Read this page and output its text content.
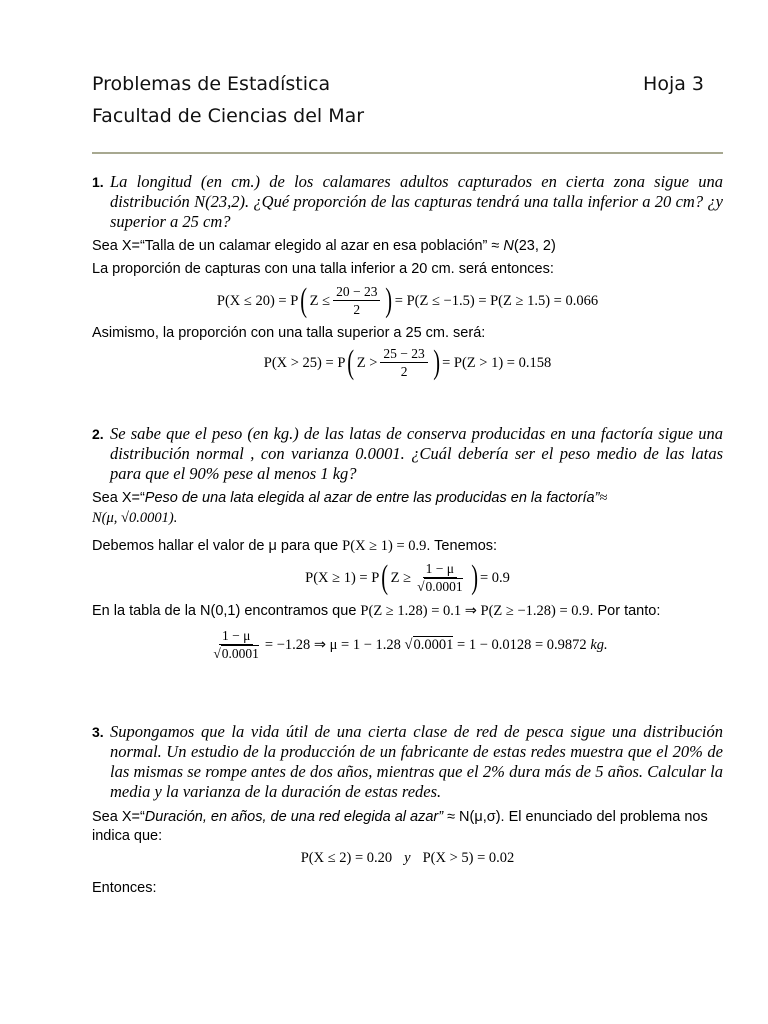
Problemas de Estadística	Hoja 3
Facultad de Ciencias del Mar
1. La longitud (en cm.) de los calamares adultos capturados en cierta zona sigue una distribución N(23,2). ¿Qué proporción de las capturas tendrá una talla inferior a 20 cm? ¿y superior a 25 cm?
Sea X=“Talla de un calamar elegido al azar en esa población” ≈ N(23, 2)
La proporción de capturas con una talla inferior a 20 cm. será entonces:
P(X ≤ 20) = P ( $Z \le \frac{20 - 23}{2}$ ) = P(Z ≤ −1.5) = P(Z ≥ 1.5) = 0.066
Asimismo, la proporción con una talla superior a 25 cm. será:
P(X > 25) = P ( $Z > \frac{25 - 23}{2}$ ) = P(Z > 1) = 0.158
2. Se sabe que el peso (en kg.) de las latas de conserva producidas en una factoría sigue una distribución normal , con varianza 0.0001. ¿Cuál debería ser el peso medio de las latas para que el 90% pese al menos 1 kg?
Sea X=“Peso de una lata elegida al azar de entre las producidas en la factoría”≈
N(μ, √0.0001).
Debemos hallar el valor de μ para que P(X ≥ 1) = 0.9. Tenemos:
P(X ≥ 1) = P ( $Z \ge \frac{1 - \mu}{√0.0001}$ ) = 0.9
En la tabla de la N(0,1) encontramos que P(Z ≥ 1.28) = 0.1 ⇒ P(Z ≥ −1.28) = 0.9. Por tanto:
$\frac{1 - \mu}{√0.0001} = -1.28$ ⇒ μ = 1 − 1.28 √ 0.0001
= 1 − 0.0128 = 0.9872
kg.
3. Supongamos que la vida útil de una cierta clase de red de pesca sigue una distribución normal. Un estudio de la producción de un fabricante de estas redes muestra que el 20% de las mismas se rompe antes de dos años, mientras que el 2% dura más de 5 años. Calcular la media y la varianza de la duración de estas redes.
Sea X=“Duración, en años, de una red elegida al azar” ≈ N(μ,σ). El enunciado del problema nos indica que:
P(X ≤ 2) = 0.20 y P(X > 5) = 0.02
Entonces:
